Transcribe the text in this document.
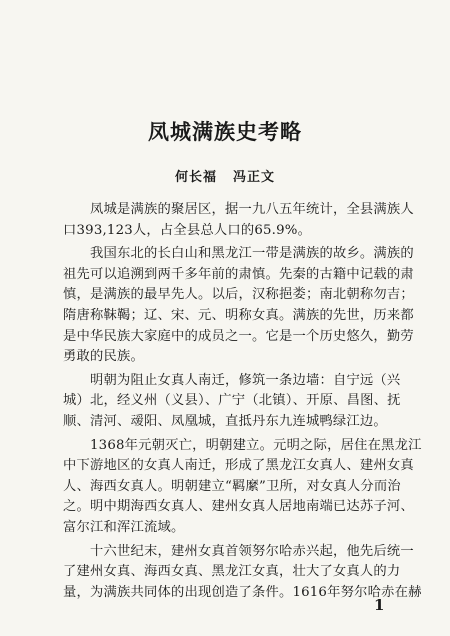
凤城满族史考略
何长福 冯正文
凤城是满族的聚居区，据一九八五年统计，全县满族人
口393,123人，占全县总人口的65.9%。
我国东北的长白山和黑龙江一带是满族的故乡。满族的
祖先可以追溯到两千多年前的肃慎。先秦的古籍中记载的肃
慎，是满族的最早先人。以后，汉称挹娄；南北朝称勿吉；
隋唐称靺鞨；辽、宋、元、明称女真。满族的先世，历来都
是中华民族大家庭中的成员之一。它是一个历史悠久，勤劳
勇敢的民族。
明朝为阻止女真人南迁，修筑一条边墙：自宁远（兴
城）北，经义州（义县）、广宁（北镇）、开原、昌图、抚
顺、清河、叆阳、凤凰城，直抵丹东九连城鸭绿江边。
1368年元朝灭亡，明朝建立。元明之际，居住在黑龙江
中下游地区的女真人南迁，形成了黑龙江女真人、建州女真
人、海西女真人。明朝建立“羁縻”卫所，对女真人分而治
之。明中期海西女真人、建州女真人居地南端已达苏子河、
富尔江和浑江流域。
十六世纪末，建州女真首领努尔哈赤兴起，他先后统一
了建州女真、海西女真、黑龙江女真，壮大了女真人的力
量，为满族共同体的出现创造了条件。1616年努尔哈赤在赫
1
